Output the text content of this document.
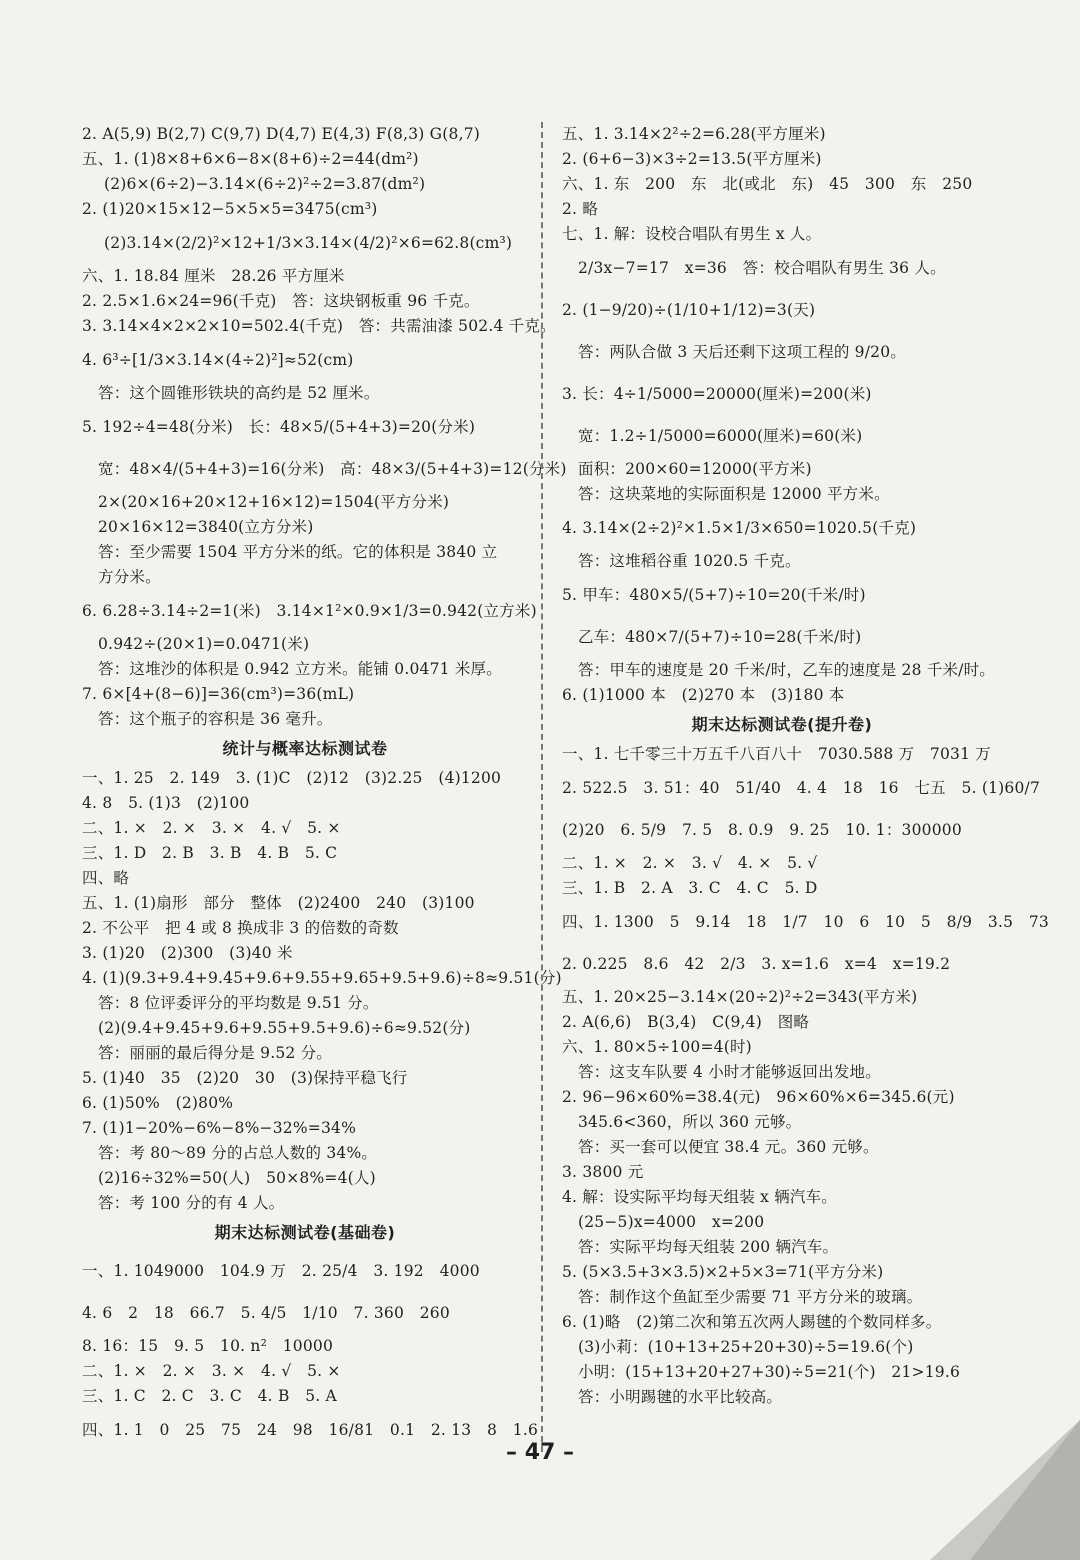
2. A(5,9) B(2,7) C(9,7) D(4,7) E(4,3) F(8,3) G(8,7)
五、1. (1)8×8+6×6−8×(8+6)÷2=44(dm²)
(2)6×(6÷2)−3.14×(6÷2)²÷2=3.87(dm²)
2. (1)20×15×12−5×5×5=3475(cm³)
(2)3.14×(2/2)²×12+1/3×3.14×(4/2)²×6=62.8(cm³)
六、1. 18.84 厘米　28.26 平方厘米
2. 2.5×1.6×24=96(千克)　答：这块钢板重 96 千克。
3. 3.14×4×2×2×10=502.4(千克)　答：共需油漆 502.4 千克。
4. 6³÷[1/3×3.14×(4÷2)²]≈52(cm)
答：这个圆锥形铁块的高约是 52 厘米。
5. 192÷4=48(分米)　长：48×5/(5+4+3)=20(分米)
宽：48×4/(5+4+3)=16(分米)　高：48×3/(5+4+3)=12(分米)
2×(20×16+20×12+16×12)=1504(平方分米)
20×16×12=3840(立方分米)
答：至少需要 1504 平方分米的纸。它的体积是 3840 立
方分米。
6. 6.28÷3.14÷2=1(米)　3.14×1²×0.9×1/3=0.942(立方米)
0.942÷(20×1)=0.0471(米)
答：这堆沙的体积是 0.942 立方米。能铺 0.0471 米厚。
7. 6×[4+(8−6)]=36(cm³)=36(mL)
答：这个瓶子的容积是 36 毫升。
统计与概率达标测试卷
一、1. 25　2. 149　3. (1)C　(2)12　(3)2.25　(4)1200
4. 8　5. (1)3　(2)100
二、1. ×　2. ×　3. ×　4. √　5. ×
三、1. D　2. B　3. B　4. B　5. C
四、略
五、1. (1)扇形　部分　整体　(2)2400　240　(3)100
2. 不公平　把 4 或 8 换成非 3 的倍数的奇数
3. (1)20　(2)300　(3)40 米
4. (1)(9.3+9.4+9.45+9.6+9.55+9.65+9.5+9.6)÷8≈9.51(分)
答：8 位评委评分的平均数是 9.51 分。
(2)(9.4+9.45+9.6+9.55+9.5+9.6)÷6≈9.52(分)
答：丽丽的最后得分是 9.52 分。
5. (1)40　35　(2)20　30　(3)保持平稳飞行
6. (1)50%　(2)80%
7. (1)1−20%−6%−8%−32%=34%
答：考 80～89 分的占总人数的 34%。
(2)16÷32%=50(人)　50×8%=4(人)
答：考 100 分的有 4 人。
期末达标测试卷(基础卷)
一、1. 1049000　104.9 万　2. 25/4　3. 192　4000
4. 6　2　18　66.7　5. 4/5　1/10　7. 360　260
8. 16：15　9. 5　10. n²　10000
二、1. ×　2. ×　3. ×　4. √　5. ×
三、1. C　2. C　3. C　4. B　5. A
四、1. 1　0　25　75　24　98　16/81　0.1　2. 13　8　1.6
五、1. 3.14×2²÷2=6.28(平方厘米)
2. (6+6−3)×3÷2=13.5(平方厘米)
六、1. 东　200　东　北(或北　东)　45　300　东　250
2. 略
七、1. 解：设校合唱队有男生 x 人。
2/3x−7=17　x=36　答：校合唱队有男生 36 人。
2. (1−9/20)÷(1/10+1/12)=3(天)
答：两队合做 3 天后还剩下这项工程的 9/20。
3. 长：4÷1/5000=20000(厘米)=200(米)
宽：1.2÷1/5000=6000(厘米)=60(米)
面积：200×60=12000(平方米)
答：这块菜地的实际面积是 12000 平方米。
4. 3.14×(2÷2)²×1.5×1/3×650=1020.5(千克)
答：这堆稻谷重 1020.5 千克。
5. 甲车：480×5/(5+7)÷10=20(千米/时)
乙车：480×7/(5+7)÷10=28(千米/时)
答：甲车的速度是 20 千米/时，乙车的速度是 28 千米/时。
6. (1)1000 本　(2)270 本　(3)180 本
期末达标测试卷(提升卷)
一、1. 七千零三十万五千八百八十　7030.588 万　7031 万
2. 522.5　3. 51：40　51/40　4. 4　18　16　七五　5. (1)60/7
(2)20　6. 5/9　7. 5　8. 0.9　9. 25　10. 1：300000
二、1. ×　2. ×　3. √　4. ×　5. √
三、1. B　2. A　3. C　4. C　5. D
四、1. 1300　5　9.14　18　1/7　10　6　10　5　8/9　3.5　73
2. 0.225　8.6　42　2/3　3. x=1.6　x=4　x=19.2
五、1. 20×25−3.14×(20÷2)²÷2=343(平方米)
2. A(6,6)　B(3,4)　C(9,4)　图略
六、1. 80×5÷100=4(时)
答：这支车队要 4 小时才能够返回出发地。
2. 96−96×60%=38.4(元)　96×60%×6=345.6(元)
345.6<360，所以 360 元够。
答：买一套可以便宜 38.4 元。360 元够。
3. 3800 元
4. 解：设实际平均每天组装 x 辆汽车。
(25−5)x=4000　x=200
答：实际平均每天组装 200 辆汽车。
5. (5×3.5+3×3.5)×2+5×3=71(平方分米)
答：制作这个鱼缸至少需要 71 平方分米的玻璃。
6. (1)略　(2)第二次和第五次两人踢毽的个数同样多。
(3)小莉：(10+13+25+20+30)÷5=19.6(个)
小明：(15+13+20+27+30)÷5=21(个)　21>19.6
答：小明踢毽的水平比较高。
– 47 –
